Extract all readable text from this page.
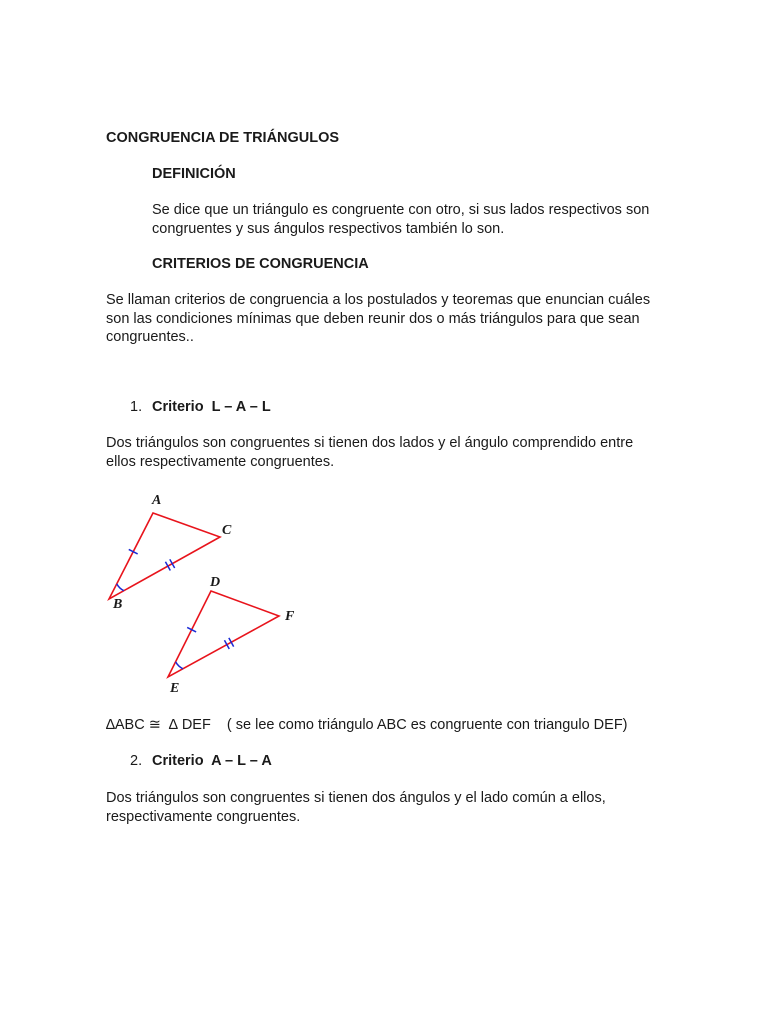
CONGRUENCIA DE TRIÁNGULOS
DEFINICIÓN
Se dice que un triángulo es congruente con otro, si sus lados respectivos son congruentes y sus ángulos respectivos también lo son.
CRITERIOS DE CONGRUENCIA
Se llaman criterios de congruencia a los postulados y teoremas que enuncian cuáles son las condiciones mínimas que deben reunir dos o más triángulos para que sean congruentes..
1. Criterio  L – A – L
Dos triángulos son congruentes si tienen dos lados y el ángulo comprendido entre ellos respectivamente congruentes.
A
C
B
D
F
E
∆ABC ≅  ∆ DEF    ( se lee como triángulo ABC es congruente con triangulo DEF)
2. Criterio  A – L – A
Dos triángulos son congruentes si tienen dos ángulos y el lado común a ellos, respectivamente congruentes.
